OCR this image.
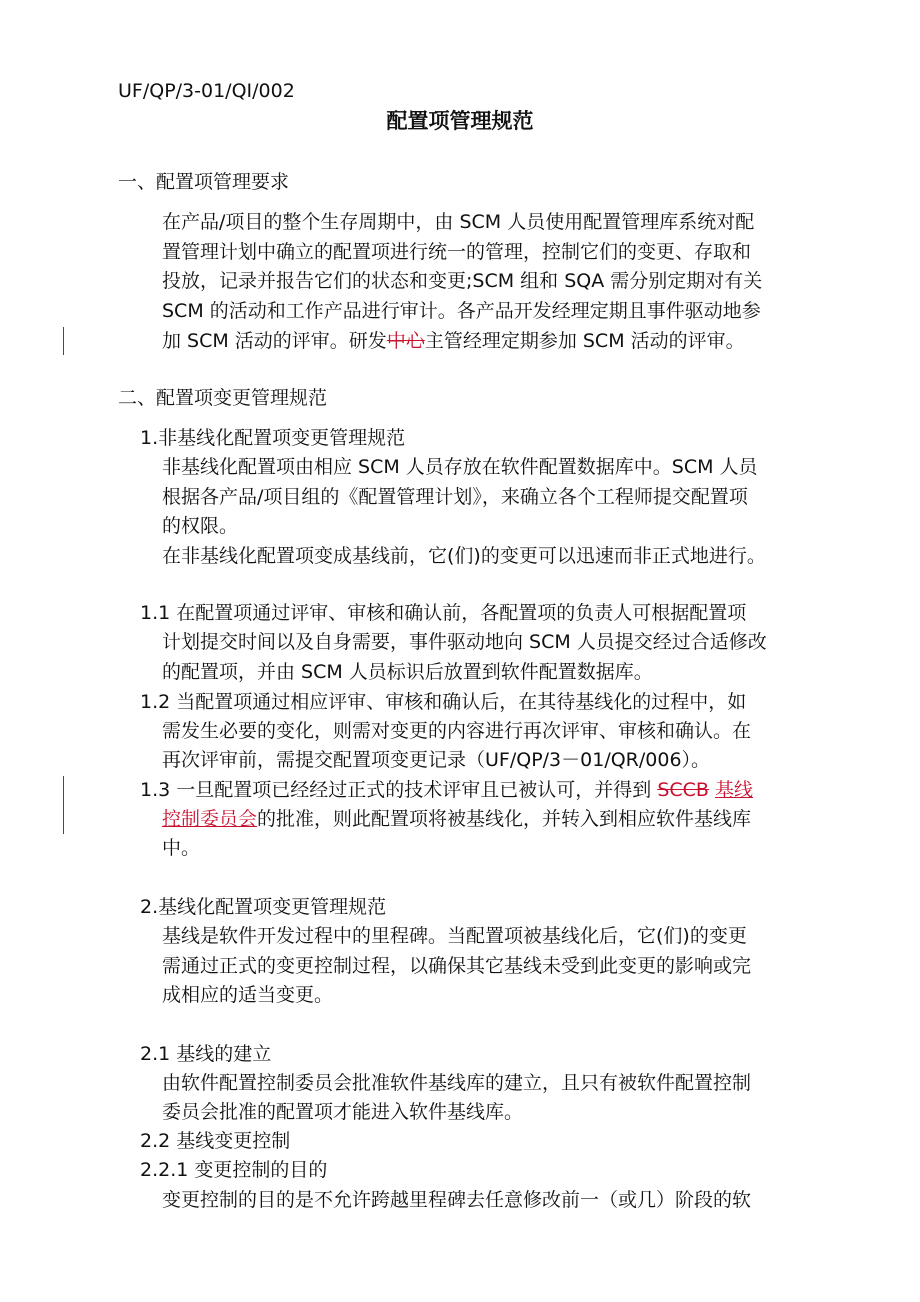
UF/QP/3-01/QI/002
配置项管理规范
一、配置项管理要求
在产品/项目的整个生存周期中，由 SCM 人员使用配置管理库系统对配
置管理计划中确立的配置项进行统一的管理，控制它们的变更、存取和
投放，记录并报告它们的状态和变更;SCM 组和 SQA 需分别定期对有关
SCM 的活动和工作产品进行审计。各产品开发经理定期且事件驱动地参
加 SCM 活动的评审。研发中心主管经理定期参加 SCM 活动的评审。
二、配置项变更管理规范
1.非基线化配置项变更管理规范
非基线化配置项由相应 SCM 人员存放在软件配置数据库中。SCM 人员
根据各产品/项目组的《配置管理计划》，来确立各个工程师提交配置项
的权限。
在非基线化配置项变成基线前，它(们)的变更可以迅速而非正式地进行。
1.1 在配置项通过评审、审核和确认前，各配置项的负责人可根据配置项
计划提交时间以及自身需要，事件驱动地向 SCM 人员提交经过合适修改
的配置项，并由 SCM 人员标识后放置到软件配置数据库。
1.2 当配置项通过相应评审、审核和确认后，在其待基线化的过程中，如
需发生必要的变化，则需对变更的内容进行再次评审、审核和确认。在
再次评审前，需提交配置项变更记录（UF/QP/3－01/QR/006）。
1.3 一旦配置项已经经过正式的技术评审且已被认可，并得到 SCCB 基线
控制委员会的批准，则此配置项将被基线化，并转入到相应软件基线库
中。
2.基线化配置项变更管理规范
基线是软件开发过程中的里程碑。当配置项被基线化后，它(们)的变更
需通过正式的变更控制过程，以确保其它基线未受到此变更的影响或完
成相应的适当变更。
2.1 基线的建立
由软件配置控制委员会批准软件基线库的建立，且只有被软件配置控制
委员会批准的配置项才能进入软件基线库。
2.2 基线变更控制
2.2.1 变更控制的目的
变更控制的目的是不允许跨越里程碑去任意修改前一（或几）阶段的软
